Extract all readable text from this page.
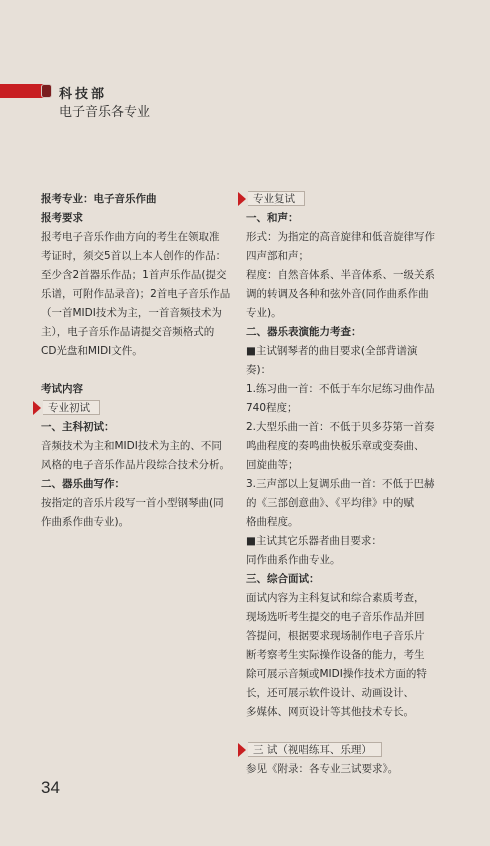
科技部
电子音乐各专业

报考专业：电子音乐作曲

报考要求

报考电子音乐作曲方向的考生在领取准

考证时，须交5首以上本人创作的作品：

至少含2首器乐作品；1首声乐作品(提交

乐谱，可附作品录音)；2首电子音乐作品

（一首MIDI技术为主，一首音频技术为

主），电子音乐作品请提交音频格式的

CD光盘和MIDI文件。

考试内容

专业初试

一、主科初试：

音频技术为主和MIDI技术为主的、不同

风格的电子音乐作品片段综合技术分析。

二、器乐曲写作：

按指定的音乐片段写一首小型钢琴曲(同

作曲系作曲专业)。

专业复试

一、和声：

形式：为指定的高音旋律和低音旋律写作

四声部和声；

程度：自然音体系、半音体系、一级关系

调的转调及各种和弦外音(同作曲系作曲

专业)。

二、器乐表演能力考查：

■主试钢琴者的曲目要求(全部背谱演奏)：

1.练习曲一首：不低于车尔尼练习曲作品

740程度；

2.大型乐曲一首：不低于贝多芬第一首奏

鸣曲程度的奏鸣曲快板乐章或变奏曲、

回旋曲等；

3.三声部以上复调乐曲一首：不低于巴赫

的《三部创意曲》、《平均律》中的赋

格曲程度。

■主试其它乐器者曲目要求：

同作曲系作曲专业。

三、综合面试：

面试内容为主科复试和综合素质考查，

现场选听考生提交的电子音乐作品并回

答提问，根据要求现场制作电子音乐片

断考察考生实际操作设备的能力，考生

除可展示音频或MIDI操作技术方面的特

长，还可展示软件设计、动画设计、

多媒体、网页设计等其他技术专长。

三 试（视唱练耳、乐理）

参见《附录：各专业三试要求》。

34
